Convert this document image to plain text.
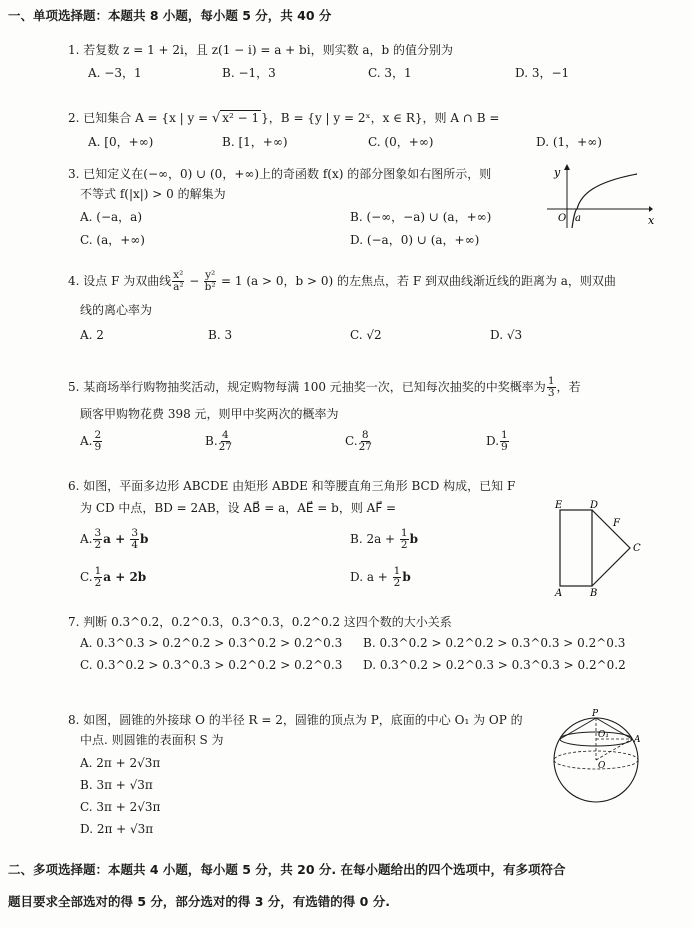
一、单项选择题：本题共 8 小题，每小题 5 分，共 40 分
1. 若复数 z = 1 + 2i，且 z(1 − i) = a + bi，则实数 a，b 的值分别为
A. −3，1	B. −1，3	C. 3，1	D. 3，−1
2. 已知集合 A = {x | y = √ x² − 1 }，B = {y | y = 2ˣ，x ∈ R}，则 A ∩ B =
A. [0，+∞)	B. [1，+∞)	C. (0，+∞)	D. (1，+∞)
3. 已知定义在(−∞，0) ∪ (0，+∞)上的奇函数 f(x) 的部分图象如右图所示，则
不等式 f(|x|) > 0 的解集为
A. (−a，a)	B. (−∞，−a) ∪ (a，+∞)
C. (a，+∞)	D. (−a，0) ∪ (a，+∞)
x
y
O a
4. 设点 F 为双曲线 $\frac{\text{x²}}{\text{a²}} - \frac{\text{y²}}{\text{b²}} = 1$ (a > 0，b > 0) 的左焦点，若 F 到双曲线渐近线的距离为 a，则双曲
线的离心率为
A. 2	B. 3	C. √2	D. √3
5. 某商场举行购物抽奖活动，规定购物每满 100 元抽奖一次，已知每次抽奖的中奖概率为 $\frac{1}{3}$ ，若
顾客甲购物花费 398 元，则甲中奖两次的概率为
A. $\frac{2}{9}$	B. $\frac{4}{27}$	C. $\frac{8}{27}$	D. $\frac{1}{9}$
6. 如图，平面多边形 ABCDE 由矩形 ABDE 和等腰直角三角形 BCD 构成，已知 F
为 CD 中点，BD = 2AB，设 AB⃗ = a，AE⃗ = b，则 AF⃗ =
A. $\frac{3}{2}$ $a + \frac{3}{4}$ b	B. $2a + \frac{1}{2}$ b
C. $\frac{1}{2}$ a + 2b	D. $a + \frac{1}{2}$ b
E	D
F
C
A	B
7. 判断 0.3^0.2，0.2^0.3，0.3^0.3，0.2^0.2 这四个数的大小关系
A. 0.3^0.3 > 0.2^0.2 > 0.3^0.2 > 0.2^0.3 B. 0.3^0.2 > 0.2^0.2 > 0.3^0.3 > 0.2^0.3
C. 0.3^0.2 > 0.3^0.3 > 0.2^0.2 > 0.2^0.3 D. 0.3^0.2 > 0.2^0.3 > 0.3^0.3 > 0.2^0.2
8. 如图，圆锥的外接球 O 的半径 R = 2，圆锥的顶点为 P，底面的中心 O₁ 为 OP 的
中点. 则圆锥的表面积 S 为
A. 2π + 2√3π
B. 3π + √3π
C. 3π + 2√3π
D. 2π + √3π
P
O₁
O
A
二、多项选择题：本题共 4 小题，每小题 5 分，共 20 分. 在每小题给出的四个选项中，有多项符合
题目要求全部选对的得 5 分，部分选对的得 3 分，有选错的得 0 分.
